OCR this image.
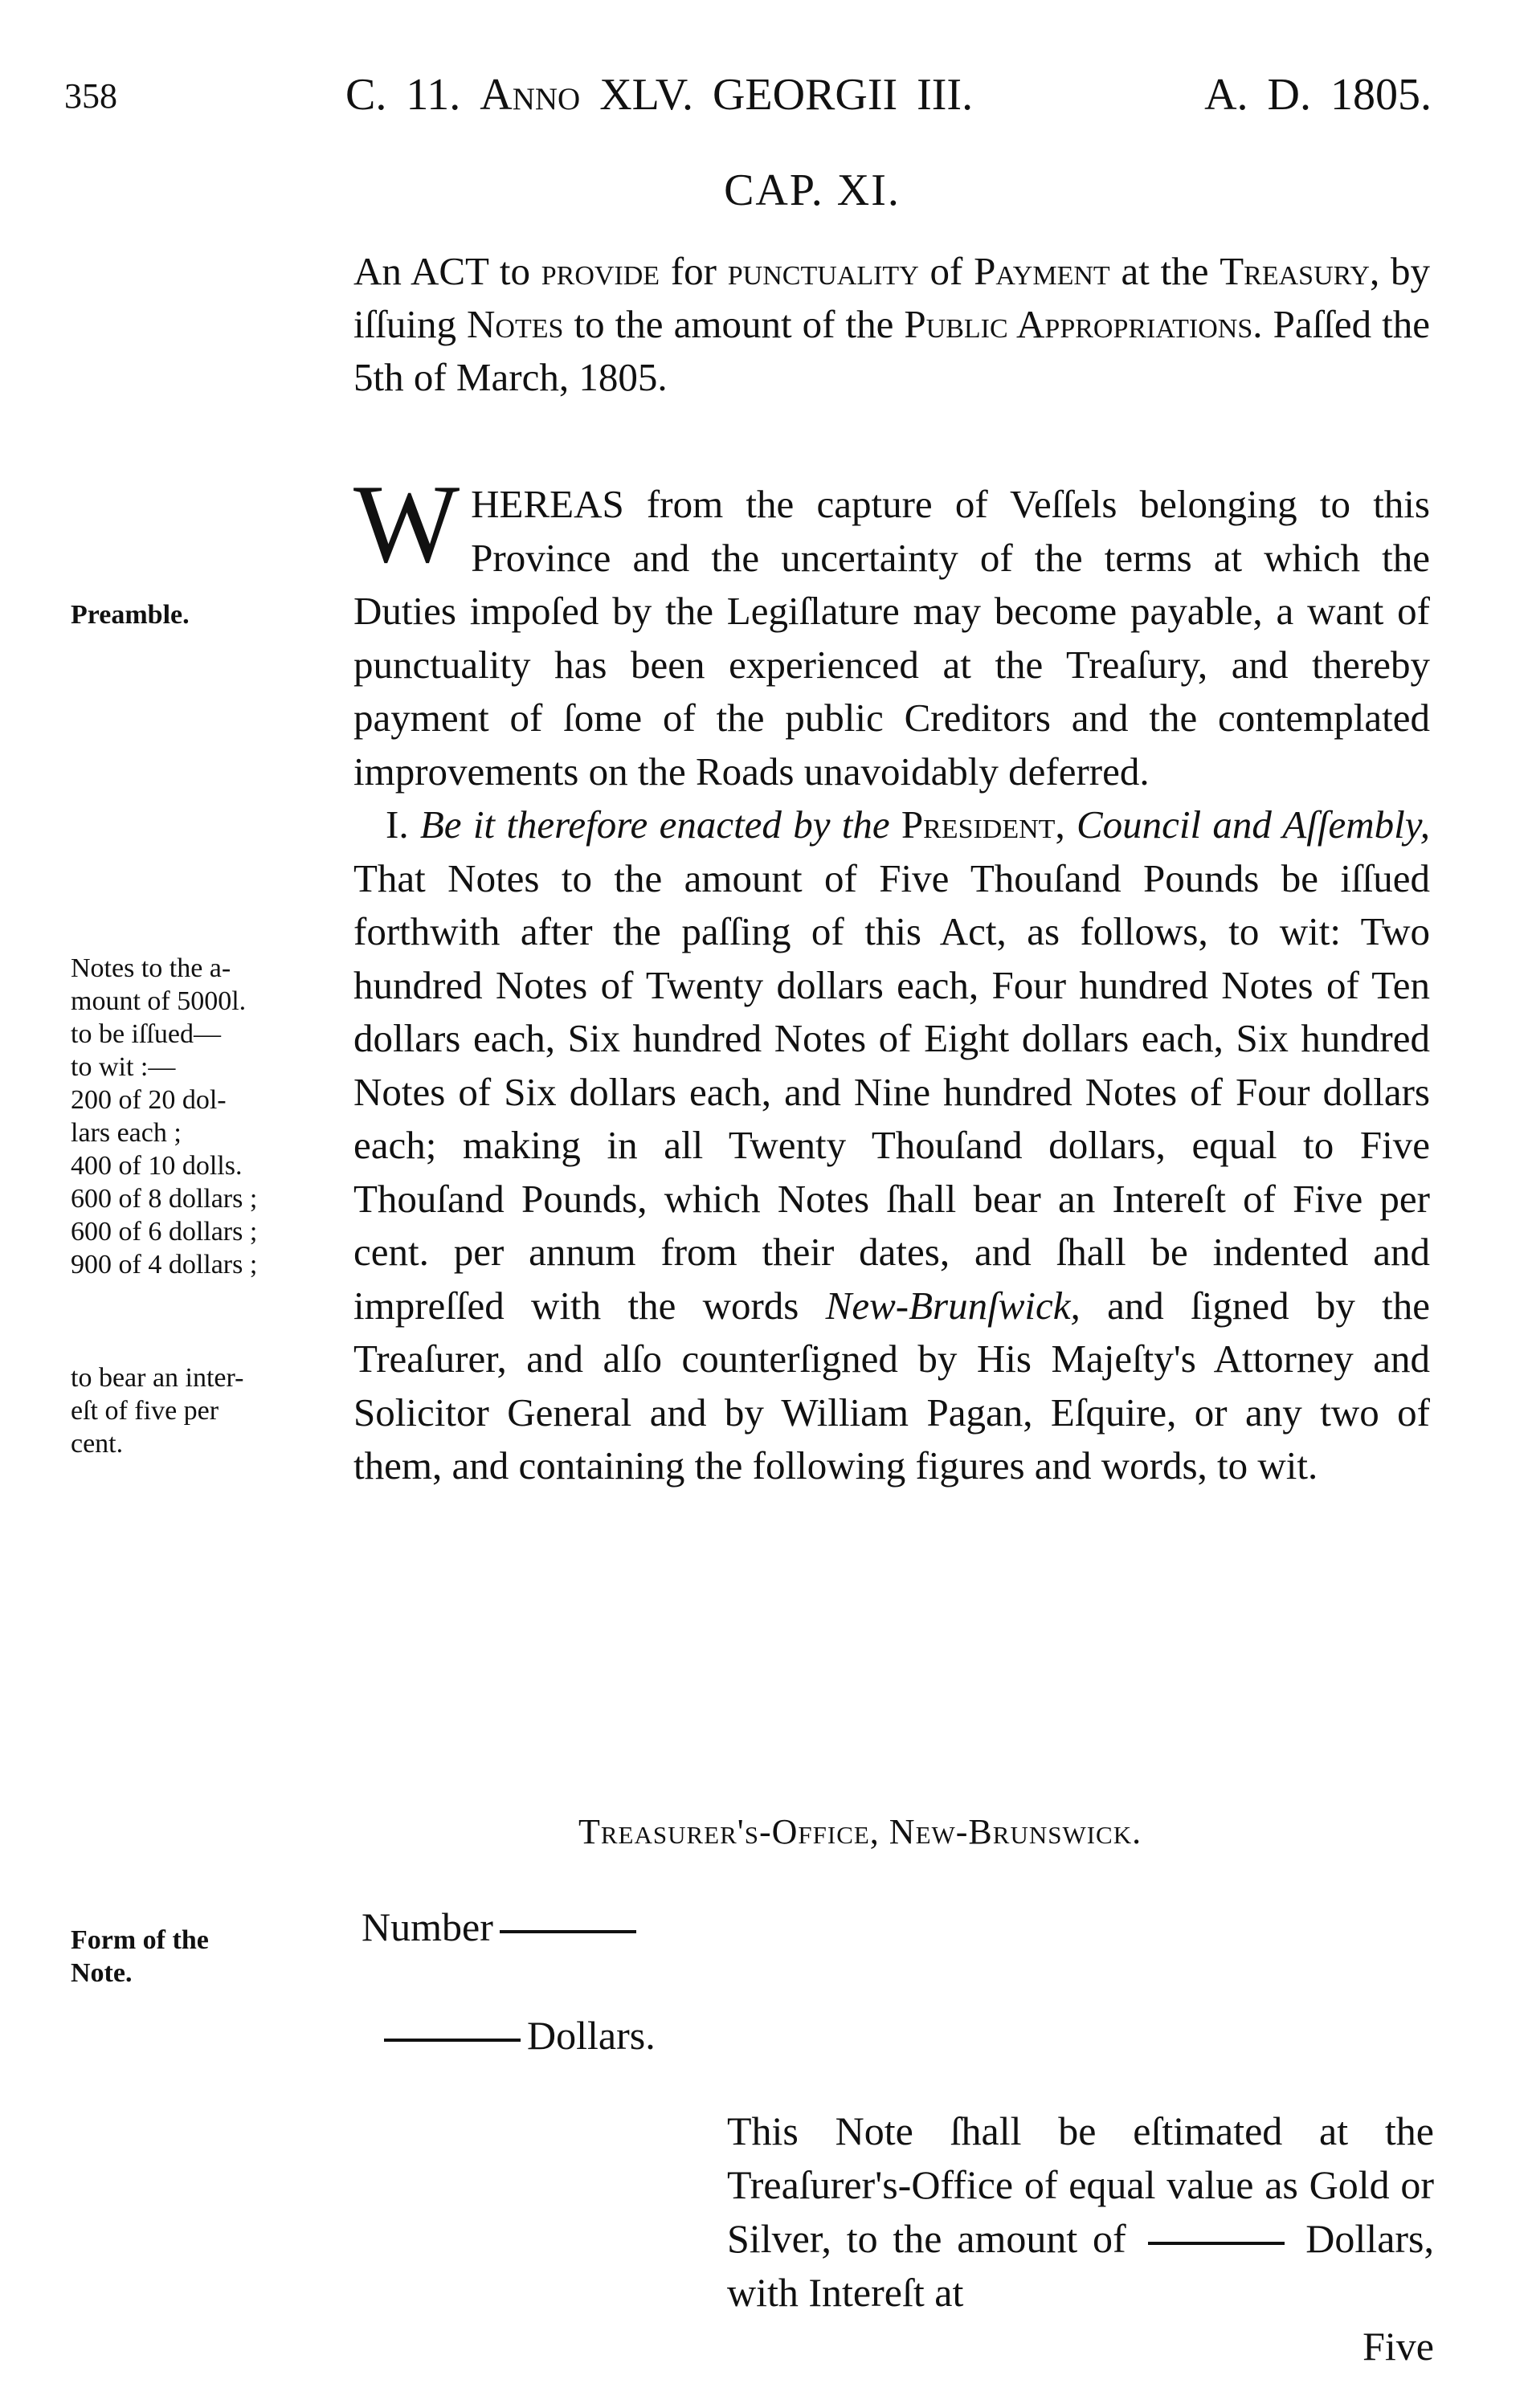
358	C. 11. Anno XLV. GEORGII III.	A. D. 1805.
CAP. XI.
An ACT to provide for punctuality of Payment at the Treasury, by iſſuing Notes to the amount of the Public Appropriations. Paſſed the 5th of March, 1805.

WHEREAS from the capture of Veſſels belonging to this Province and the uncertainty of the terms at which the Duties impoſed by the Legiſlature may become payable, a want of punctuality has been experienced at the Treaſury, and thereby payment of ſome of the public Creditors and the contemplated improvements on the Roads unavoidably deferred.

I. Be it therefore enacted by the President, Council and Aſſembly, That Notes to the amount of Five Thouſand Pounds be iſſued forthwith after the paſſing of this Act, as follows, to wit: Two hundred Notes of Twenty dollars each, Four hundred Notes of Ten dollars each, Six hundred Notes of Eight dollars each, Six hundred Notes of Six dollars each, and Nine hundred Notes of Four dollars each; making in all Twenty Thouſand dollars, equal to Five Thouſand Pounds, which Notes ſhall bear an Intereſt of Five per cent. per annum from their dates, and ſhall be indented and impreſſed with the words New-Brunſwick, and ſigned by the Treaſurer, and alſo counterſigned by His Majeſty's Attorney and Solicitor General and by William Pagan, Eſquire, or any two of them, and containing the following figures and words, to wit.

Preamble.
Notes to the a-
mount of 5000l.
to be iſſued—
to wit :—
200 of 20 dol-
lars each ;
400 of 10 dolls.
600 of 8 dollars ;
600 of 6 dollars ;
900 of 4 dollars ;
to bear an inter-
eſt of five per
cent.
Form of the
Note.
Treasurer's-Office, New-Brunswick.
Number
Dollars.
This Note ſhall be eſtimated at the Treaſurer's-Office of equal value as Gold or Silver, to the amount of	Dollars, with Intereſt at
Five
